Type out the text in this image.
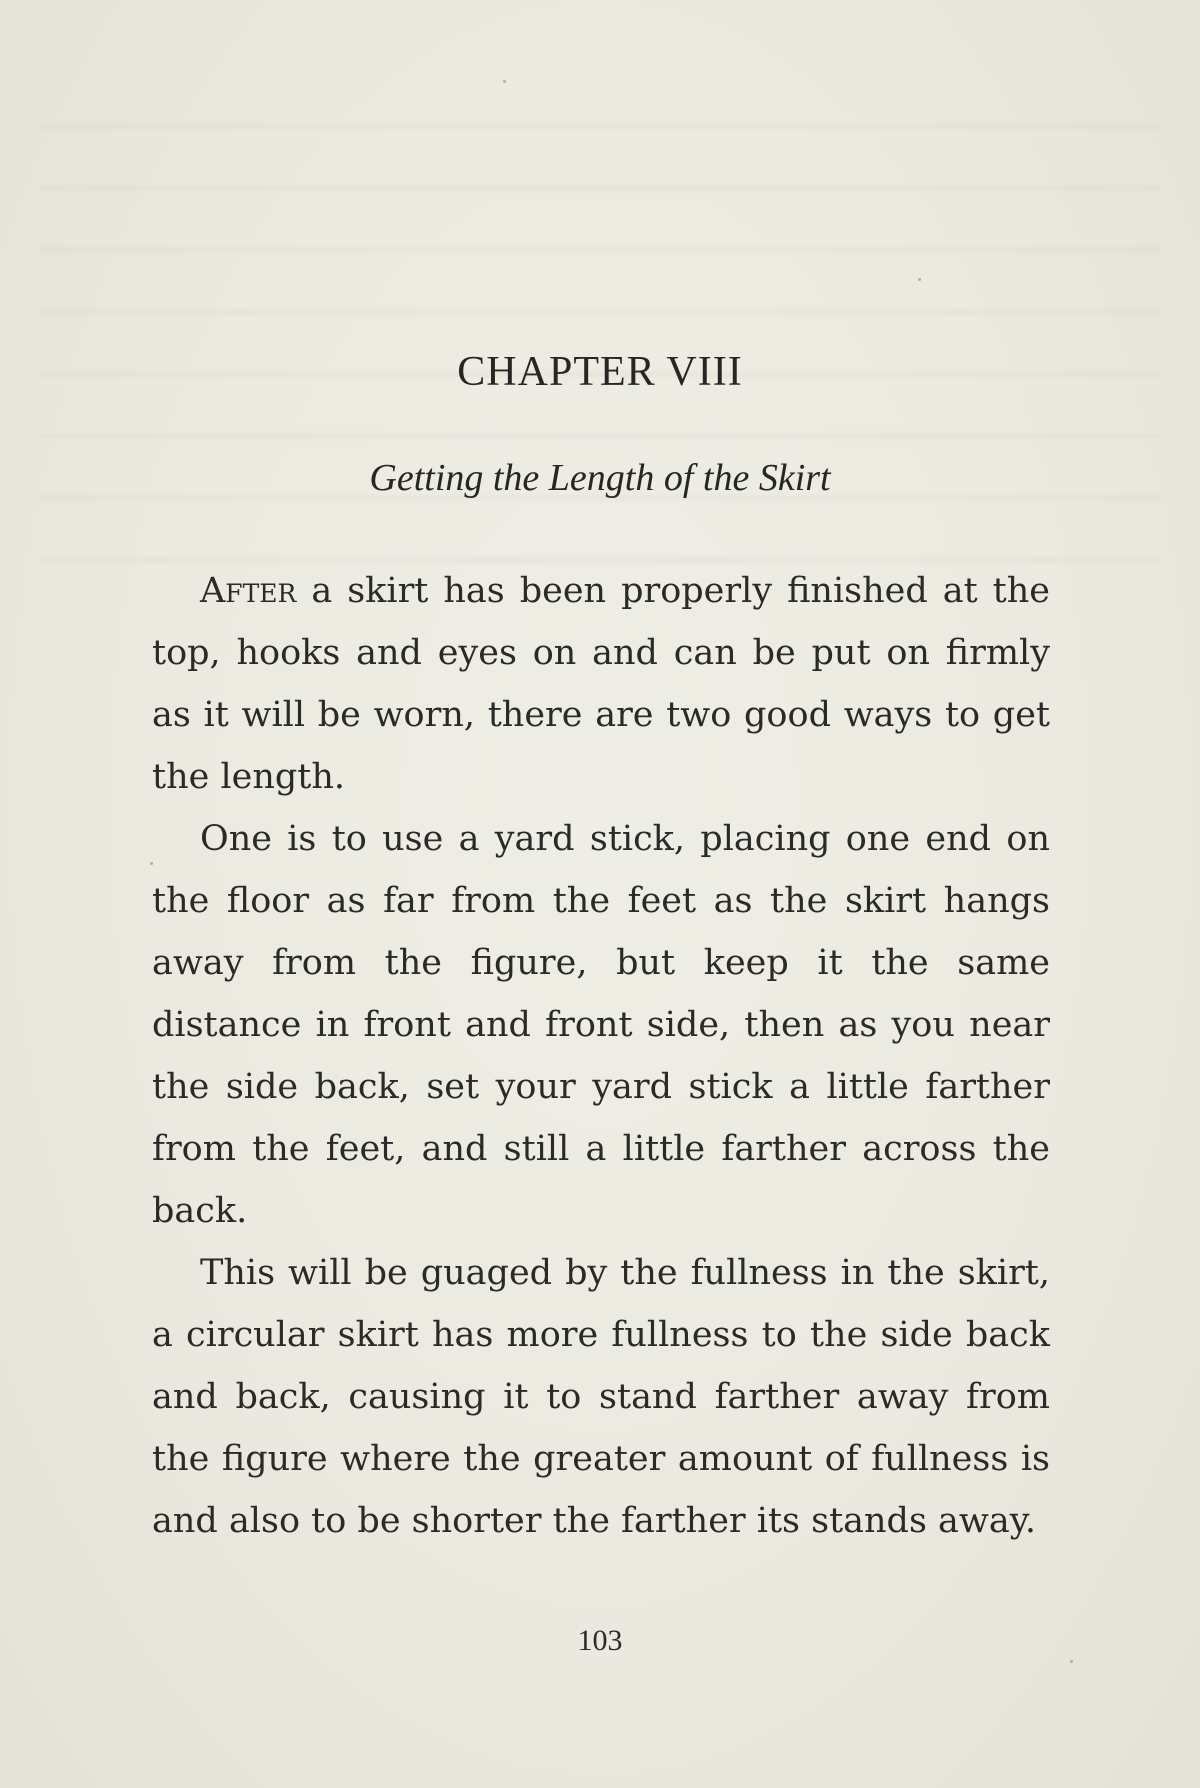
CHAPTER VIII
Getting the Length of the Skirt

After a skirt has been properly finished at the top, hooks and eyes on and can be put on firmly as it will be worn, there are two good ways to get the length.

One is to use a yard stick, placing one end on the floor as far from the feet as the skirt hangs away from the figure, but keep it the same distance in front and front side, then as you near the side back, set your yard stick a little farther from the feet, and still a little farther across the back.

This will be guaged by the fullness in the skirt, a circular skirt has more fullness to the side back and back, causing it to stand farther away from the figure where the greater amount of fullness is and also to be shorter the farther its stands away.

103
